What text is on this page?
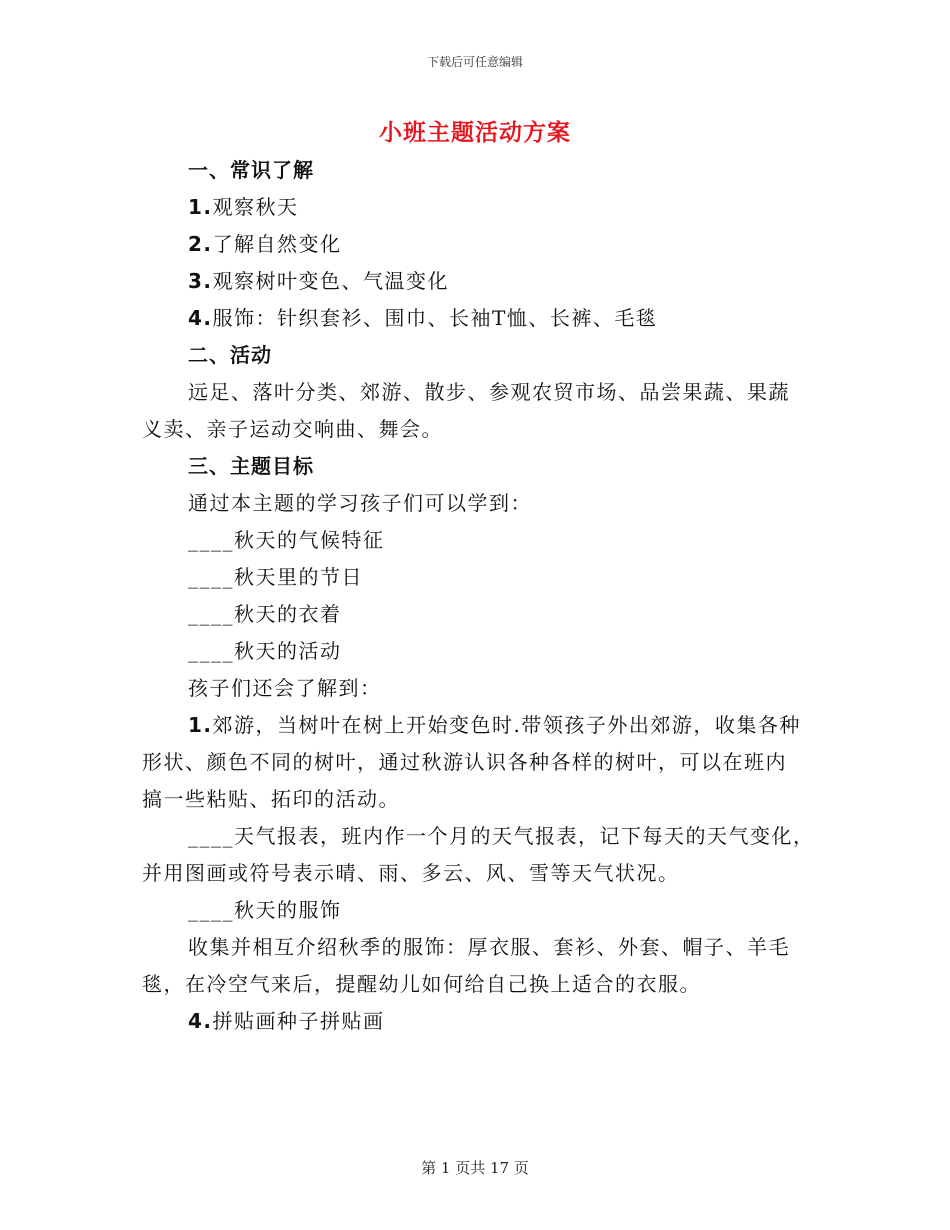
下载后可任意编辑
小班主题活动方案

一、常识了解

1.观察秋天

2.了解自然变化

3.观察树叶变色、气温变化

4.服饰：针织套衫、围巾、长袖T恤、长裤、毛毯

二、活动

远足、落叶分类、郊游、散步、参观农贸市场、品尝果蔬、果蔬

义卖、亲子运动交响曲、舞会。

三、主题目标

通过本主题的学习孩子们可以学到：

____秋天的气候特征

____秋天里的节日

____秋天的衣着

____秋天的活动

孩子们还会了解到：

1.郊游，当树叶在树上开始变色时.带领孩子外出郊游，收集各种

形状、颜色不同的树叶，通过秋游认识各种各样的树叶，可以在班内

搞一些粘贴、拓印的活动。

____天气报表，班内作一个月的天气报表，记下每天的天气变化，

并用图画或符号表示晴、雨、多云、风、雪等天气状况。

____秋天的服饰

收集并相互介绍秋季的服饰：厚衣服、套衫、外套、帽子、羊毛

毯，在冷空气来后，提醒幼儿如何给自己换上适合的衣服。

4.拼贴画种子拼贴画

第 1 页共 17 页
